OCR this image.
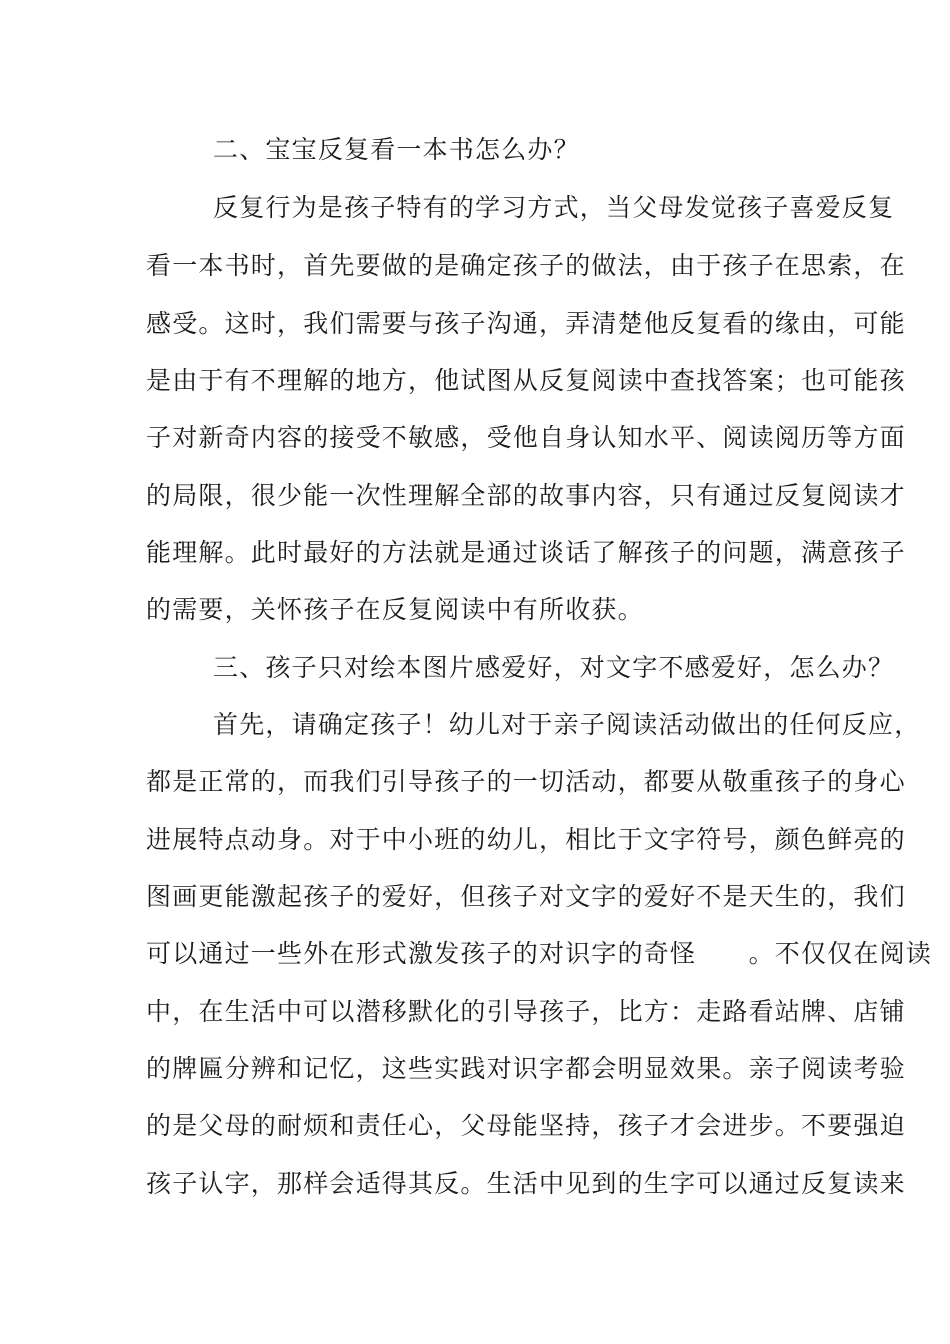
二、宝宝反复看一本书怎么办？
反复行为是孩子特有的学习方式，当父母发觉孩子喜爱反复
看一本书时，首先要做的是确定孩子的做法，由于孩子在思索，在
感受。这时，我们需要与孩子沟通，弄清楚他反复看的缘由，可能
是由于有不理解的地方，他试图从反复阅读中查找答案；也可能孩
子对新奇内容的接受不敏感，受他自身认知水平、阅读阅历等方面
的局限，很少能一次性理解全部的故事内容，只有通过反复阅读才
能理解。此时最好的方法就是通过谈话了解孩子的问题，满意孩子
的需要，关怀孩子在反复阅读中有所收获。
三、孩子只对绘本图片感爱好，对文字不感爱好，怎么办？
首先，请确定孩子！幼儿对于亲子阅读活动做出的任何反应，
都是正常的，而我们引导孩子的一切活动，都要从敬重孩子的身心
进展特点动身。对于中小班的幼儿，相比于文字符号，颜色鲜亮的
图画更能激起孩子的爱好，但孩子对文字的爱好不是天生的，我们
可以通过一些外在形式激发孩子的对识字的奇怪　　。不仅仅在阅读
中，在生活中可以潜移默化的引导孩子，比方：走路看站牌、店铺
的牌匾分辨和记忆，这些实践对识字都会明显效果。亲子阅读考验
的是父母的耐烦和责任心，父母能坚持，孩子才会进步。不要强迫
孩子认字，那样会适得其反。生活中见到的生字可以通过反复读来
